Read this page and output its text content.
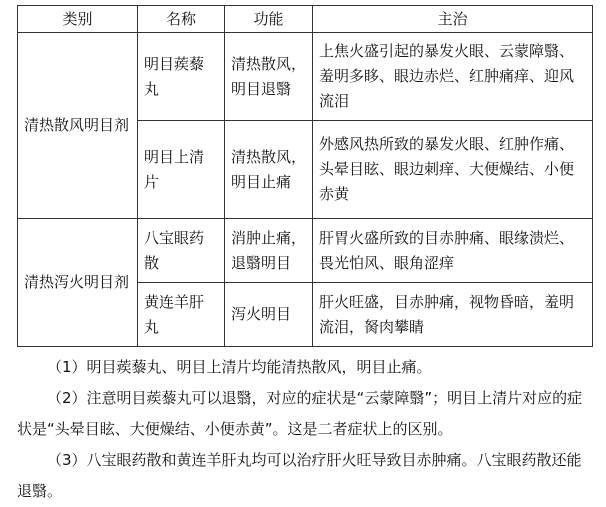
类别	名称	功能	主治
清热散风明目剂	明目蒺藜丸	清热散风，明目退翳	上焦火盛引起的暴发火眼、云蒙障翳、羞明多眵、眼边赤烂、红肿痛痒、迎风流泪
	明目上清片	清热散风，明目止痛	外感风热所致的暴发火眼、红肿作痛、头晕目眩、眼边刺痒、大便燥结、小便赤黄
清热泻火明目剂	八宝眼药散	消肿止痛，退翳明目	肝胃火盛所致的目赤肿痛、眼缘溃烂、畏光怕风、眼角涩痒
	黄连羊肝丸	泻火明目	肝火旺盛，目赤肿痛，视物昏暗，羞明流泪，胬肉攀睛

（1）明目蒺藜丸、明目上清片均能清热散风，明目止痛。

（2）注意明目蒺藜丸可以退翳，对应的症状是“云蒙障翳”；明目上清片对应的症状是“头晕目眩、大便燥结、小便赤黄”。这是二者症状上的区别。

（3）八宝眼药散和黄连羊肝丸均可以治疗肝火旺导致目赤肿痛。八宝眼药散还能退翳。
